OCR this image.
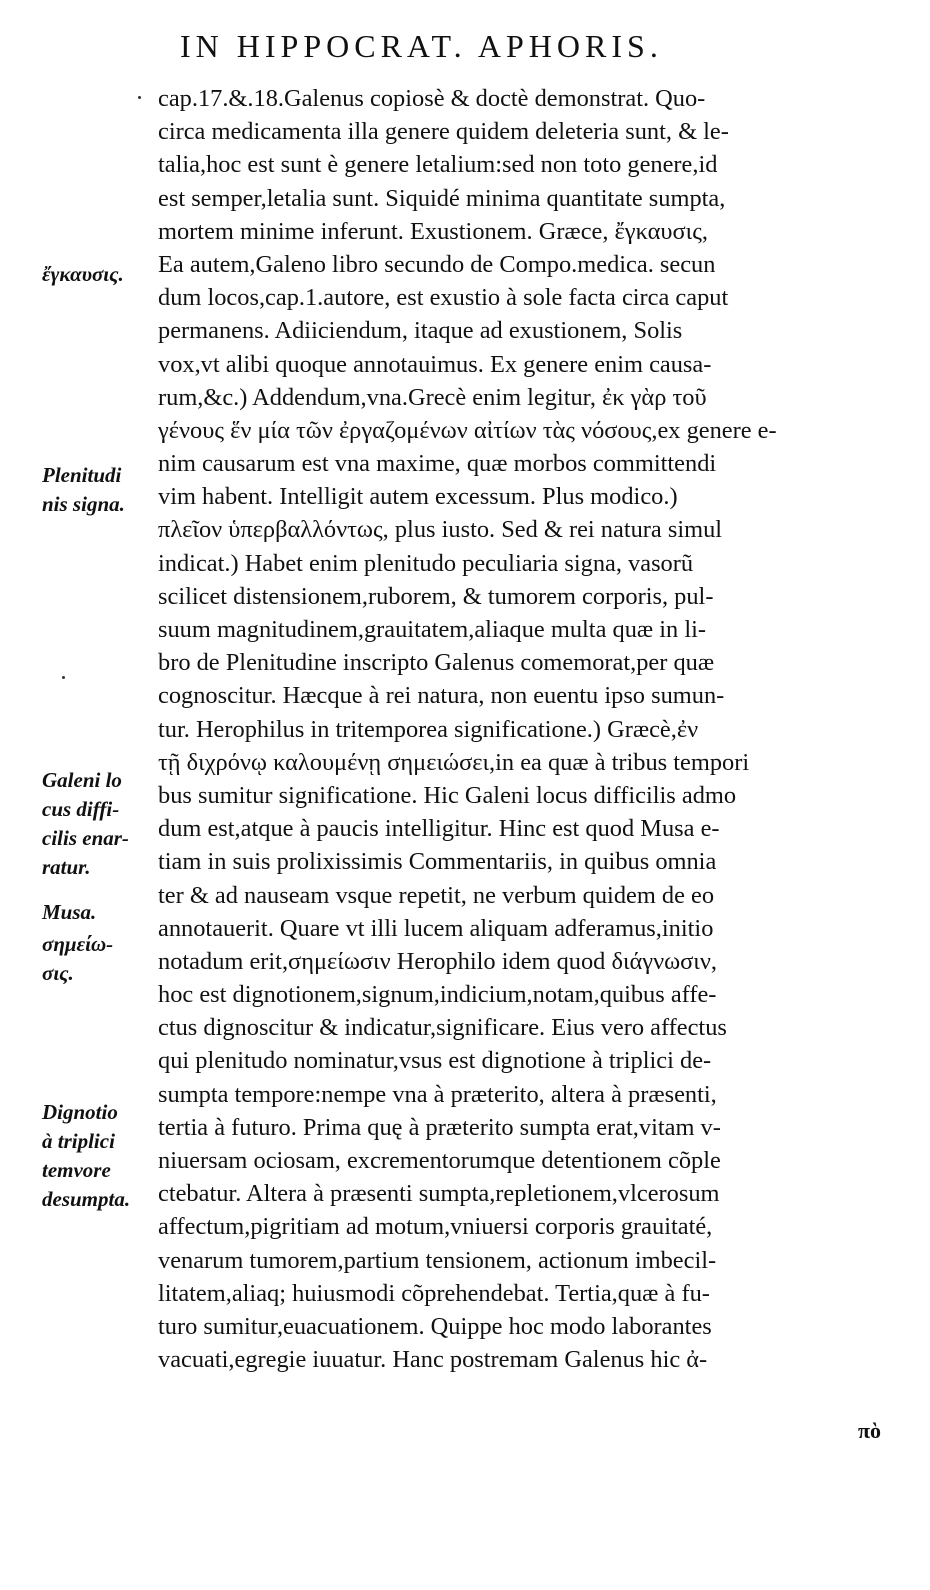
IN HIPPOCRAT. APHORIS.
cap.17.&.18.Galenus copiosè & doctè demonstrat. Quo-
circa medicamenta illa genere quidem deleteria sunt, & le-
talia,hoc est sunt è genere letalium:sed non toto genere,id
est semper,letalia sunt. Siquidé minima quantitate sumpta,
mortem minime inferunt. Exustionem. Græce, ἔγκαυσις,
Ea autem,Galeno libro secundo de Compo.medica. secun
dum locos,cap.1.autore, est exustio à sole facta circa caput
permanens. Adiiciendum, itaque ad exustionem, Solis
vox,vt alibi quoque annotauimus. Ex genere enim causa-
rum,&c.) Addendum,vna.Grecè enim legitur, ἐκ γὰρ τοῦ
γένους ἕν μία τῶν ἐργαζομένων αἰτίων τὰς νόσους,ex genere e-
nim causarum est vna maxime, quæ morbos committendi
vim habent. Intelligit autem excessum. Plus modico.)
πλεῖον ὑπερβαλλόντως, plus iusto. Sed & rei natura simul
indicat.) Habet enim plenitudo peculiaria signa, vasorũ
scilicet distensionem,ruborem, & tumorem corporis, pul-
suum magnitudinem,grauitatem,aliaque multa quæ in li-
bro de Plenitudine inscripto Galenus comemorat,per quæ
cognoscitur. Hæcque à rei natura, non euentu ipso sumun-
tur. Herophilus in tritemporea significatione.) Græcè,ἐν
τῇ διχρόνῳ καλουμένῃ σημειώσει,in ea quæ à tribus tempori
bus sumitur significatione. Hic Galeni locus difficilis admo
dum est,atque à paucis intelligitur. Hinc est quod Musa e-
tiam in suis prolixissimis Commentariis, in quibus omnia
ter & ad nauseam vsque repetit, ne verbum quidem de eo
annotauerit. Quare vt illi lucem aliquam adferamus,initio
notadum erit,σημείωσιν Herophilo idem quod διάγνωσιν,
hoc est dignotionem,signum,indicium,notam,quibus affe-
ctus dignoscitur & indicatur,significare. Eius vero affectus
qui plenitudo nominatur,vsus est dignotione à triplici de-
sumpta tempore:nempe vna à præterito, altera à præsenti,
tertia à futuro. Prima quę à præterito sumpta erat,vitam v-
niuersam ociosam, excrementorumque detentionem cõple
ctebatur. Altera à præsenti sumpta,repletionem,vlcerosum
affectum,pigritiam ad motum,vniuersi corporis grauitaté,
venarum tumorem,partium tensionem, actionum imbecil-
litatem,aliaq; huiusmodi cõprehendebat. Tertia,quæ à fu-
turo sumitur,euacuationem. Quippe hoc modo laborantes
vacuati,egregie iuuatur. Hanc postremam Galenus hic ἀ-
πὸ
ἔγκαυσις.
Plenitudi
nis signa.
Galeni lo
cus diffi-
cilis enar-
ratur.
Musa.
σημείω-
σις.
Dignotio
à triplici
temvore
desumpta.
